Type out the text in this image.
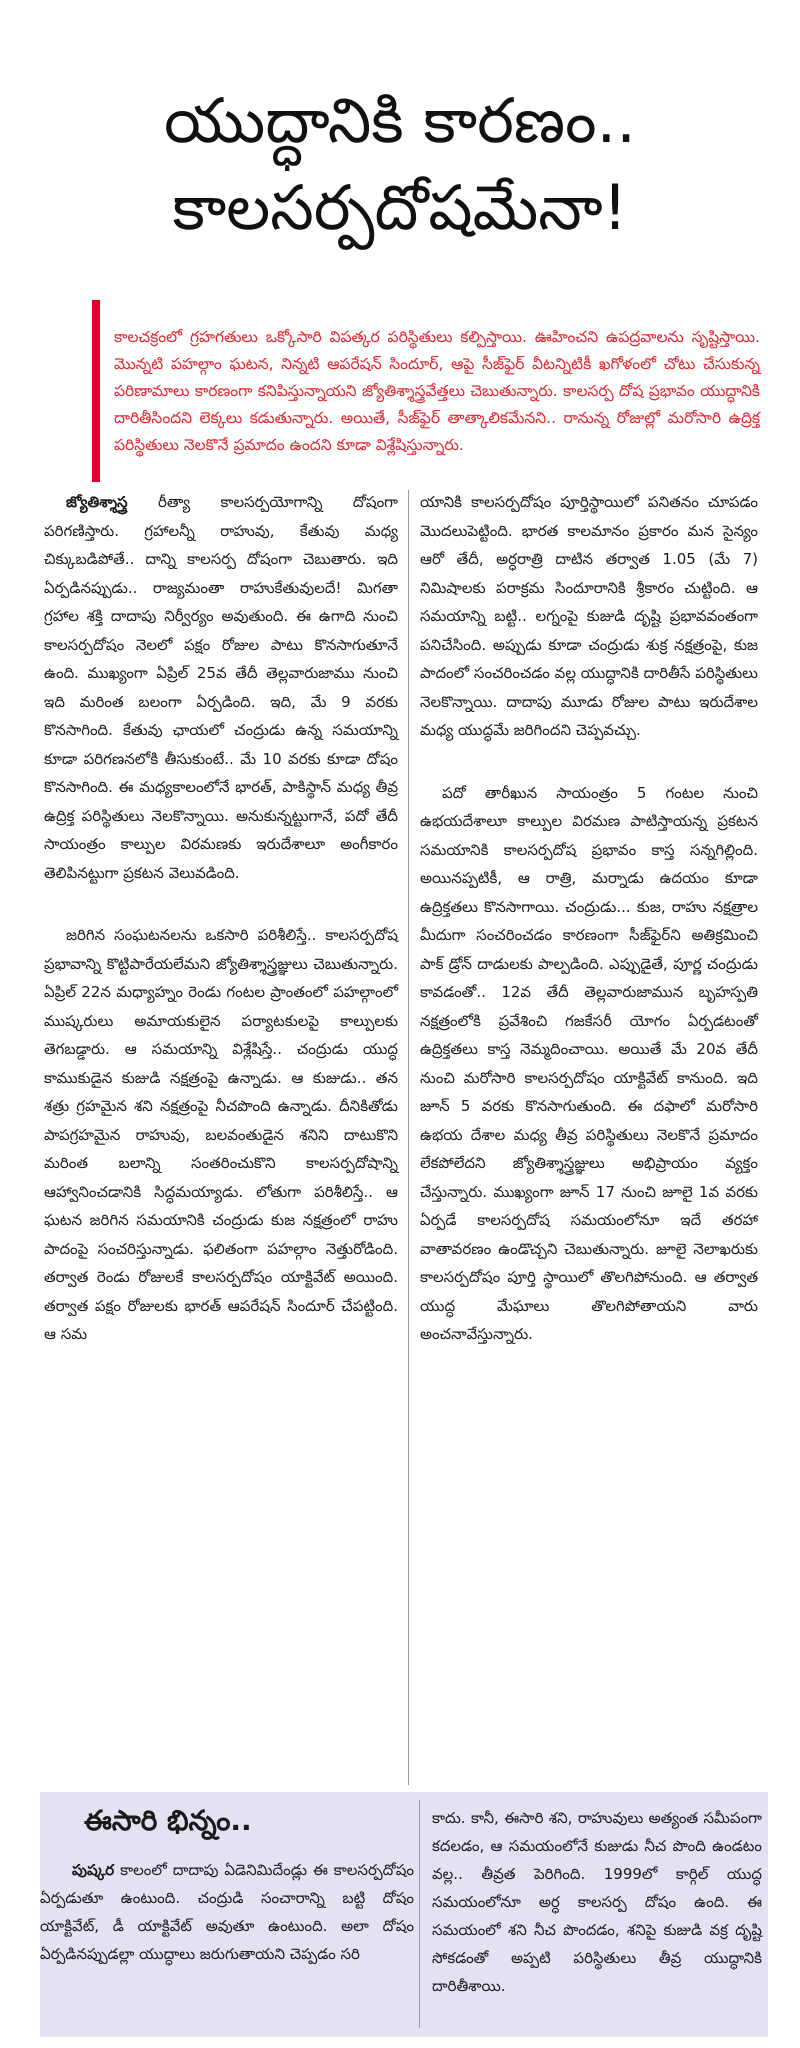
యుద్ధానికి కారణం..
కాలసర్పదోషమేనా!

కాలచక్రంలో గ్రహగతులు ఒక్కోసారి విపత్కర పరిస్థితులు కల్పిస్తాయి. ఊహించని ఉపద్రవాలను సృష్టిస్తాయి. మొన్నటి పహల్గాం ఘటన, నిన్నటి ఆపరేషన్ సిందూర్, ఆపై సీజ్‌ఫైర్ వీటన్నిటికీ ఖగోళంలో చోటు చేసుకున్న పరిణామాలు కారణంగా కనిపిస్తున్నాయని జ్యోతిశ్శాస్త్రవేత్తలు చెబుతున్నారు. కాలసర్ప దోష ప్రభావం యుద్ధానికి దారితీసిందని లెక్కలు కడుతున్నారు. అయితే, సీజ్‌ఫైర్ తాత్కాలికమేనని.. రానున్న రోజుల్లో మరోసారి ఉద్రిక్త పరిస్థితులు నెలకొనే ప్రమాదం ఉందని కూడా విశ్లేషిస్తున్నారు.

జ్యోతిశ్శాస్త్ర రీత్యా కాలసర్పయోగాన్ని దోషంగా పరిగణిస్తారు. గ్రహాలన్నీ రాహువు, కేతువు మధ్య చిక్కుబడిపోతే.. దాన్ని కాలసర్ప దోషంగా చెబుతారు. ఇది ఏర్పడినప్పుడు.. రాజ్యమంతా రాహుకేతువులదే! మిగతా గ్రహాల శక్తి దాదాపు నిర్వీర్యం అవుతుంది. ఈ ఉగాది నుంచి కాలసర్పదోషం నెలలో పక్షం రోజుల పాటు కొనసాగుతూనే ఉంది. ముఖ్యంగా ఏప్రిల్ 25వ తేదీ తెల్లవారుజాము నుంచి ఇది మరింత బలంగా ఏర్పడింది. ఇది, మే 9 వరకు కొనసాగింది. కేతువు ఛాయలో చంద్రుడు ఉన్న సమయాన్ని కూడా పరిగణనలోకి తీసుకుంటే.. మే 10 వరకు కూడా దోషం కొనసాగింది. ఈ మధ్యకాలంలోనే భారత్, పాకిస్థాన్ మధ్య తీవ్ర ఉద్రిక్త పరిస్థితులు నెలకొన్నాయి. అనుకున్నట్టుగానే, పదో తేదీ సాయంత్రం కాల్పుల విరమణకు ఇరుదేశాలూ అంగీకారం తెలిపినట్టుగా ప్రకటన వెలువడింది.

జరిగిన సంఘటనలను ఒకసారి పరిశీలిస్తే.. కాలసర్పదోష ప్రభావాన్ని కొట్టిపారేయలేమని జ్యోతిశ్శాస్త్రజ్ఞులు చెబుతున్నారు. ఏప్రిల్ 22న మధ్యాహ్నం రెండు గంటల ప్రాంతంలో పహల్గాంలో ముష్కరులు అమాయకులైన పర్యాటకులపై కాల్పులకు తెగబడ్డారు. ఆ సమయాన్ని విశ్లేషిస్తే.. చంద్రుడు యుద్ధ కాముకుడైన కుజుడి నక్షత్రంపై ఉన్నాడు. ఆ కుజుడు.. తన శత్రు గ్రహమైన శని నక్షత్రంపై నీచపొంది ఉన్నాడు. దీనికితోడు పాపగ్రహమైన రాహువు, బలవంతుడైన శనిని దాటుకొని మరింత బలాన్ని సంతరించుకొని కాలసర్పదోషాన్ని ఆహ్వానించడానికి సిద్ధమయ్యాడు. లోతుగా పరిశీలిస్తే.. ఆ ఘటన జరిగిన సమయానికి చంద్రుడు కుజ నక్షత్రంలో రాహు పాదంపై సంచరిస్తున్నాడు. ఫలితంగా పహల్గాం నెత్తురోడింది. తర్వాత రెండు రోజులకే కాలసర్పదోషం యాక్టివేట్ అయింది. తర్వాత పక్షం రోజులకు భారత్ ఆపరేషన్ సిందూర్ చేపట్టింది. ఆ సమ

యానికి కాలసర్పదోషం పూర్తిస్థాయిలో పనితనం చూపడం మొదలుపెట్టింది. భారత కాలమానం ప్రకారం మన సైన్యం ఆరో తేదీ, అర్ధరాత్రి దాటిన తర్వాత 1.05 (మే 7) నిమిషాలకు పరాక్రమ సిందూరానికి శ్రీకారం చుట్టింది. ఆ సమయాన్ని బట్టి.. లగ్నంపై కుజుడి దృష్టి ప్రభావవంతంగా పనిచేసింది. అప్పుడు కూడా చంద్రుడు శుక్ర నక్షత్రంపై, కుజ పాదంలో సంచరించడం వల్ల యుద్ధానికి దారితీసే పరిస్థితులు నెలకొన్నాయి. దాదాపు మూడు రోజుల పాటు ఇరుదేశాల మధ్య యుద్ధమే జరిగిందని చెప్పవచ్చు.

పదో తారీఖున సాయంత్రం 5 గంటల నుంచి ఉభయదేశాలూ కాల్పుల విరమణ పాటిస్తాయన్న ప్రకటన సమయానికి కాలసర్పదోష ప్రభావం కాస్త సన్నగిల్లింది. అయినప్పటికీ, ఆ రాత్రి, మర్నాడు ఉదయం కూడా ఉద్రిక్తతలు కొనసాగాయి. చంద్రుడు... కుజ, రాహు నక్షత్రాల మీదుగా సంచరించడం కారణంగా సీజ్‌ఫైర్‌ని అతిక్రమించి పాక్ డ్రోన్ దాడులకు పాల్పడింది. ఎప్పుడైతే, పూర్ణ చంద్రుడు కావడంతో.. 12వ తేదీ తెల్లవారుజామున బృహస్పతి నక్షత్రంలోకి ప్రవేశించి గజకేసరీ యోగం ఏర్పడటంతో ఉద్రిక్తతలు కాస్త నెమ్మదించాయి. అయితే మే 20వ తేదీ నుంచి మరోసారి కాలసర్పదోషం యాక్టివేట్ కానుంది. ఇది జూన్ 5 వరకు కొనసాగుతుంది. ఈ దఫాలో మరోసారి ఉభయ దేశాల మధ్య తీవ్ర పరిస్థితులు నెలకొనే ప్రమాదం లేకపోలేదని జ్యోతిశ్శాస్త్రజ్ఞులు అభిప్రాయం వ్యక్తం చేస్తున్నారు. ముఖ్యంగా జూన్ 17 నుంచి జూలై 1వ వరకు ఏర్పడే కాలసర్పదోష సమయంలోనూ ఇదే తరహా వాతావరణం ఉండొచ్చని చెబుతున్నారు. జూలై నెలాఖరుకు కాలసర్పదోషం పూర్తి స్థాయిలో తొలగిపోనుంది. ఆ తర్వాత యుద్ధ మేఘాలు తొలగిపోతాయని వారు అంచనావేస్తున్నారు.

ఈసారి భిన్నం..

పుష్కర కాలంలో దాదాపు ఏడెనిమిదేండ్లు ఈ కాలసర్పదోషం ఏర్పడుతూ ఉంటుంది. చంద్రుడి సంచారాన్ని బట్టి దోషం యాక్టివేట్, డీ యాక్టివేట్ అవుతూ ఉంటుంది. అలా దోషం ఏర్పడినప్పుడల్లా యుద్ధాలు జరుగుతాయని చెప్పడం సరి

కాదు. కానీ, ఈసారి శని, రాహువులు అత్యంత సమీపంగా కదలడం, ఆ సమయంలోనే కుజుడు నీచ పొంది ఉండటం వల్ల.. తీవ్రత పెరిగింది. 1999లో కార్గిల్ యుద్ధ సమయంలోనూ అర్ధ కాలసర్ప దోషం ఉంది. ఈ సమయంలో శని నీచ పొందడం, శనిపై కుజుడి వక్ర దృష్టి సోకడంతో అప్పటి పరిస్థితులు తీవ్ర యుద్ధానికి దారితీశాయి.
